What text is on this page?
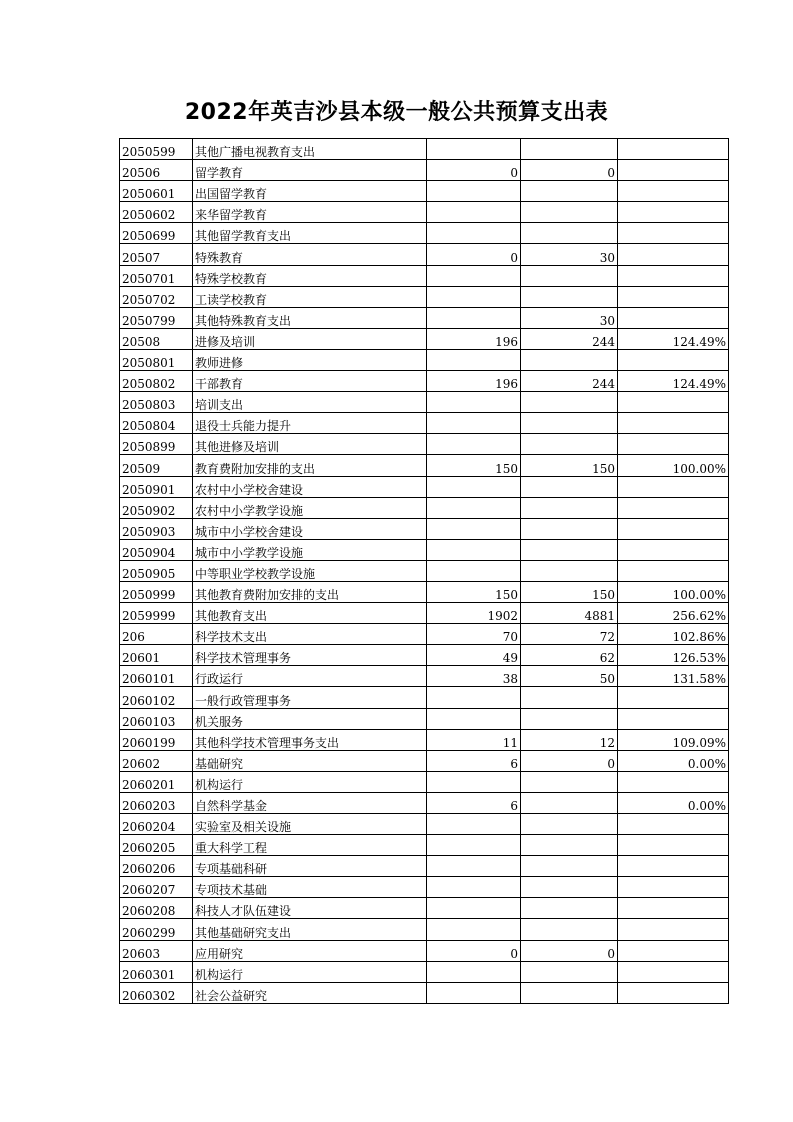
2022年英吉沙县本级一般公共预算支出表
2050599	其他广播电视教育支出			
20506	留学教育	0	0	
2050601	出国留学教育			
2050602	来华留学教育			
2050699	其他留学教育支出			
20507	特殊教育	0	30	
2050701	特殊学校教育			
2050702	工读学校教育			
2050799	其他特殊教育支出		30	
20508	进修及培训	196	244	124.49%
2050801	教师进修			
2050802	干部教育	196	244	124.49%
2050803	培训支出			
2050804	退役士兵能力提升			
2050899	其他进修及培训			
20509	教育费附加安排的支出	150	150	100.00%
2050901	农村中小学校舍建设			
2050902	农村中小学教学设施			
2050903	城市中小学校舍建设			
2050904	城市中小学教学设施			
2050905	中等职业学校教学设施			
2050999	其他教育费附加安排的支出	150	150	100.00%
2059999	其他教育支出	1902	4881	256.62%
206	科学技术支出	70	72	102.86%
20601	科学技术管理事务	49	62	126.53%
2060101	行政运行	38	50	131.58%
2060102	一般行政管理事务			
2060103	机关服务			
2060199	其他科学技术管理事务支出	11	12	109.09%
20602	基础研究	6	0	0.00%
2060201	机构运行			
2060203	自然科学基金	6		0.00%
2060204	实验室及相关设施			
2060205	重大科学工程			
2060206	专项基础科研			
2060207	专项技术基础			
2060208	科技人才队伍建设			
2060299	其他基础研究支出			
20603	应用研究	0	0	
2060301	机构运行			
2060302	社会公益研究			
